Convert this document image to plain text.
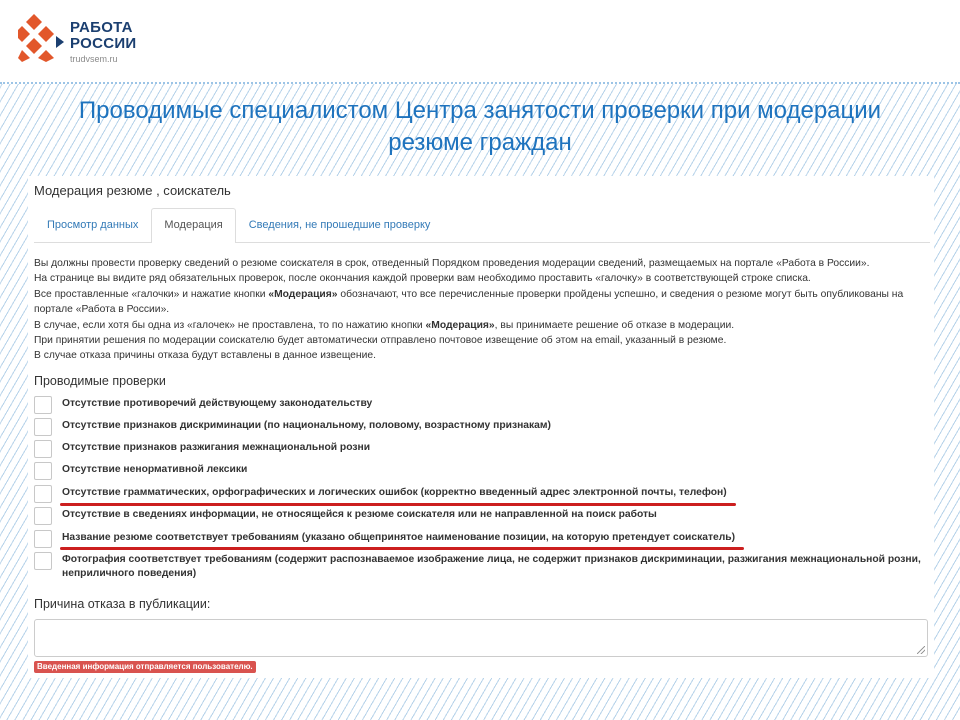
РАБОТА
РОССИИ
trudvsem.ru
Проводимые специалистом Центра занятости проверки при модерации
резюме граждан
Модерация резюме , соискатель
Просмотр данных	Модерация	Сведения, не прошедшие проверку

Вы должны провести проверку сведений о резюме соискателя в срок, отведенный Порядком проведения модерации сведений, размещаемых на портале «Работа в России».

На странице вы видите ряд обязательных проверок, после окончания каждой проверки вам необходимо проставить «галочку» в соответствующей строке списка.

Все проставленные «галочки» и нажатие кнопки «Модерация» обозначают, что все перечисленные проверки пройдены успешно, и сведения о резюме могут быть опубликованы на

портале «Работа в России».

В случае, если хотя бы одна из «галочек» не проставлена, то по нажатию кнопки «Модерация», вы принимаете решение об отказе в модерации.

При принятии решения по модерации соискателю будет автоматически отправлено почтовое извещение об этом на email, указанный в резюме.

В случае отказа причины отказа будут вставлены в данное извещение.

Проводимые проверки
Отсутствие противоречий действующему законодательству
Отсутствие признаков дискриминации (по национальному, половому, возрастному признакам)
Отсутствие признаков разжигания межнациональной розни
Отсутствие ненормативной лексики
Отсутствие грамматических, орфографических и логических ошибок (корректно введенный адрес электронной почты, телефон)
Отсутствие в сведениях информации, не относящейся к резюме соискателя или не направленной на поиск работы
Название резюме соответствует требованиям (указано общепринятое наименование позиции, на которую претендует соискатель)
Фотография соответствует требованиям (содержит распознаваемое изображение лица, не содержит признаков дискриминации, разжигания межнациональной розни, неприличного поведения)
Причина отказа в публикации:
Введенная информация отправляется пользователю.
